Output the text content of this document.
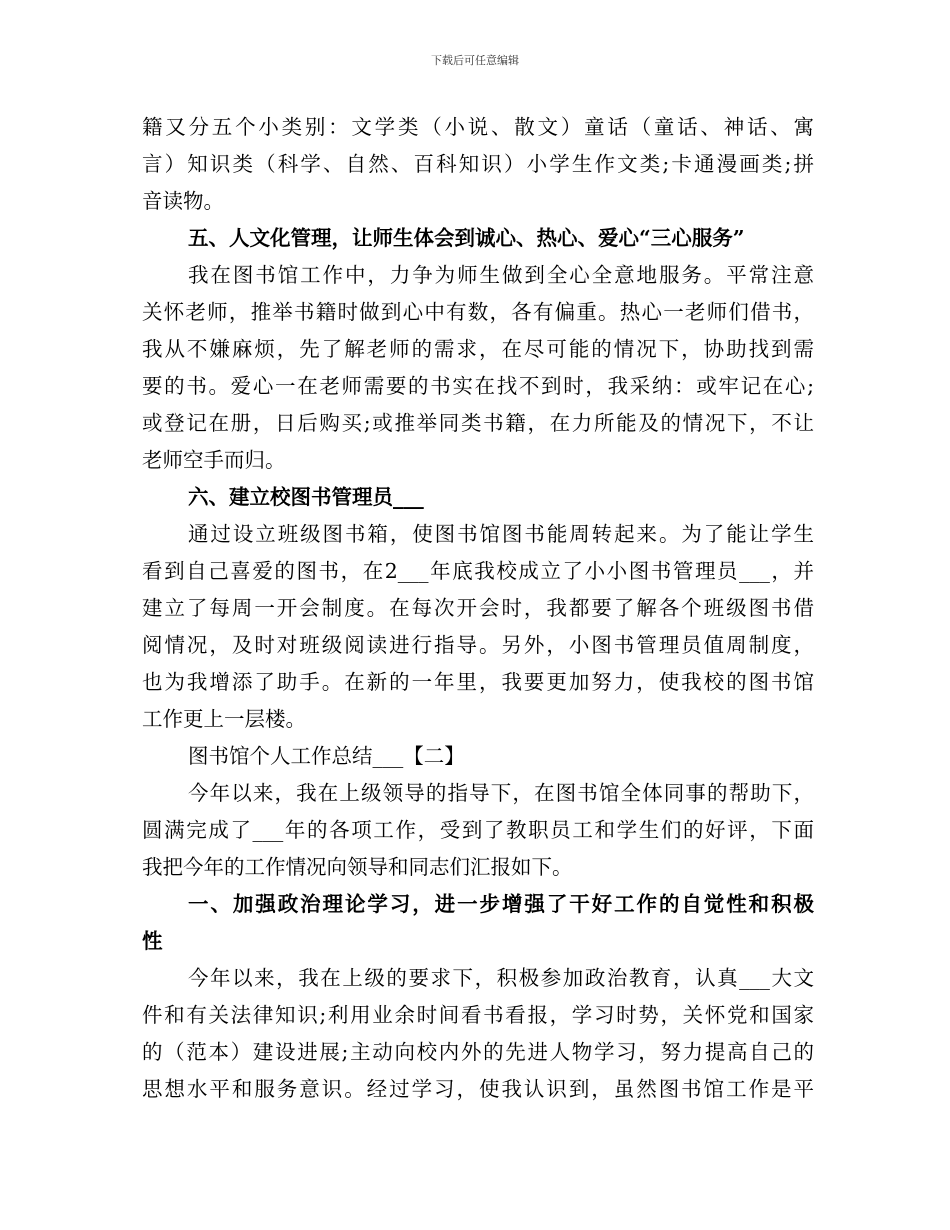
下载后可任意编辑
籍又分五个小类别：文学类（小说、散文）童话（童话、神话、寓
言）知识类（科学、自然、百科知识）小学生作文类;卡通漫画类;拼
音读物。
五、人文化管理，让师生体会到诚心、热心、爱心“三心服务”
我在图书馆工作中，力争为师生做到全心全意地服务。平常注意
关怀老师，推举书籍时做到心中有数，各有偏重。热心一老师们借书，
我从不嫌麻烦，先了解老师的需求，在尽可能的情况下，协助找到需
要的书。爱心一在老师需要的书实在找不到时，我采纳：或牢记在心;
或登记在册，日后购买;或推举同类书籍，在力所能及的情况下，不让
老师空手而归。
六、建立校图书管理员___
通过设立班级图书箱，使图书馆图书能周转起来。为了能让学生
看到自己喜爱的图书，在2___年底我校成立了小小图书管理员___，并
建立了每周一开会制度。在每次开会时，我都要了解各个班级图书借
阅情况，及时对班级阅读进行指导。另外，小图书管理员值周制度，
也为我增添了助手。在新的一年里，我要更加努力，使我校的图书馆
工作更上一层楼。
图书馆个人工作总结___【二】
今年以来，我在上级领导的指导下，在图书馆全体同事的帮助下，
圆满完成了___年的各项工作，受到了教职员工和学生们的好评，下面
我把今年的工作情况向领导和同志们汇报如下。
一、加强政治理论学习，进一步增强了干好工作的自觉性和积极
性
今年以来，我在上级的要求下，积极参加政治教育，认真___大文
件和有关法律知识;利用业余时间看书看报，学习时势，关怀党和国家
的（范本）建设进展;主动向校内外的先进人物学习，努力提高自己的
思想水平和服务意识。经过学习，使我认识到，虽然图书馆工作是平
